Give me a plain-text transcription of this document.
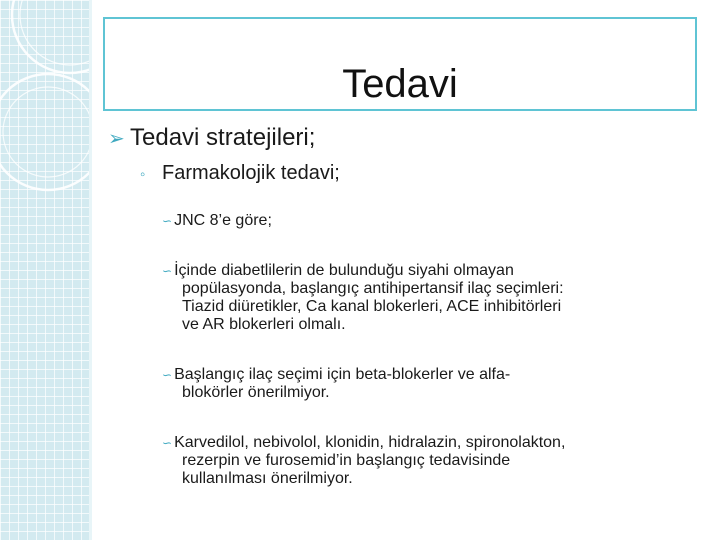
Tedavi
➢ Tedavi stratejileri;
◦ Farmakolojik tedavi;
∽ JNC 8’e göre;
∽ İçinde diabetlilerin de bulunduğu siyahi olmayan
popülasyonda, başlangıç antihipertansif ilaç seçimleri:
Tiazid diüretikler, Ca kanal blokerleri, ACE inhibitörleri
ve AR blokerleri olmalı.
∽ Başlangıç ilaç seçimi için beta-blokerler ve alfa-
blokörler önerilmiyor.
∽ Karvedilol, nebivolol, klonidin, hidralazin, spironolakton,
rezerpin ve furosemid’in başlangıç tedavisinde
kullanılması önerilmiyor.
